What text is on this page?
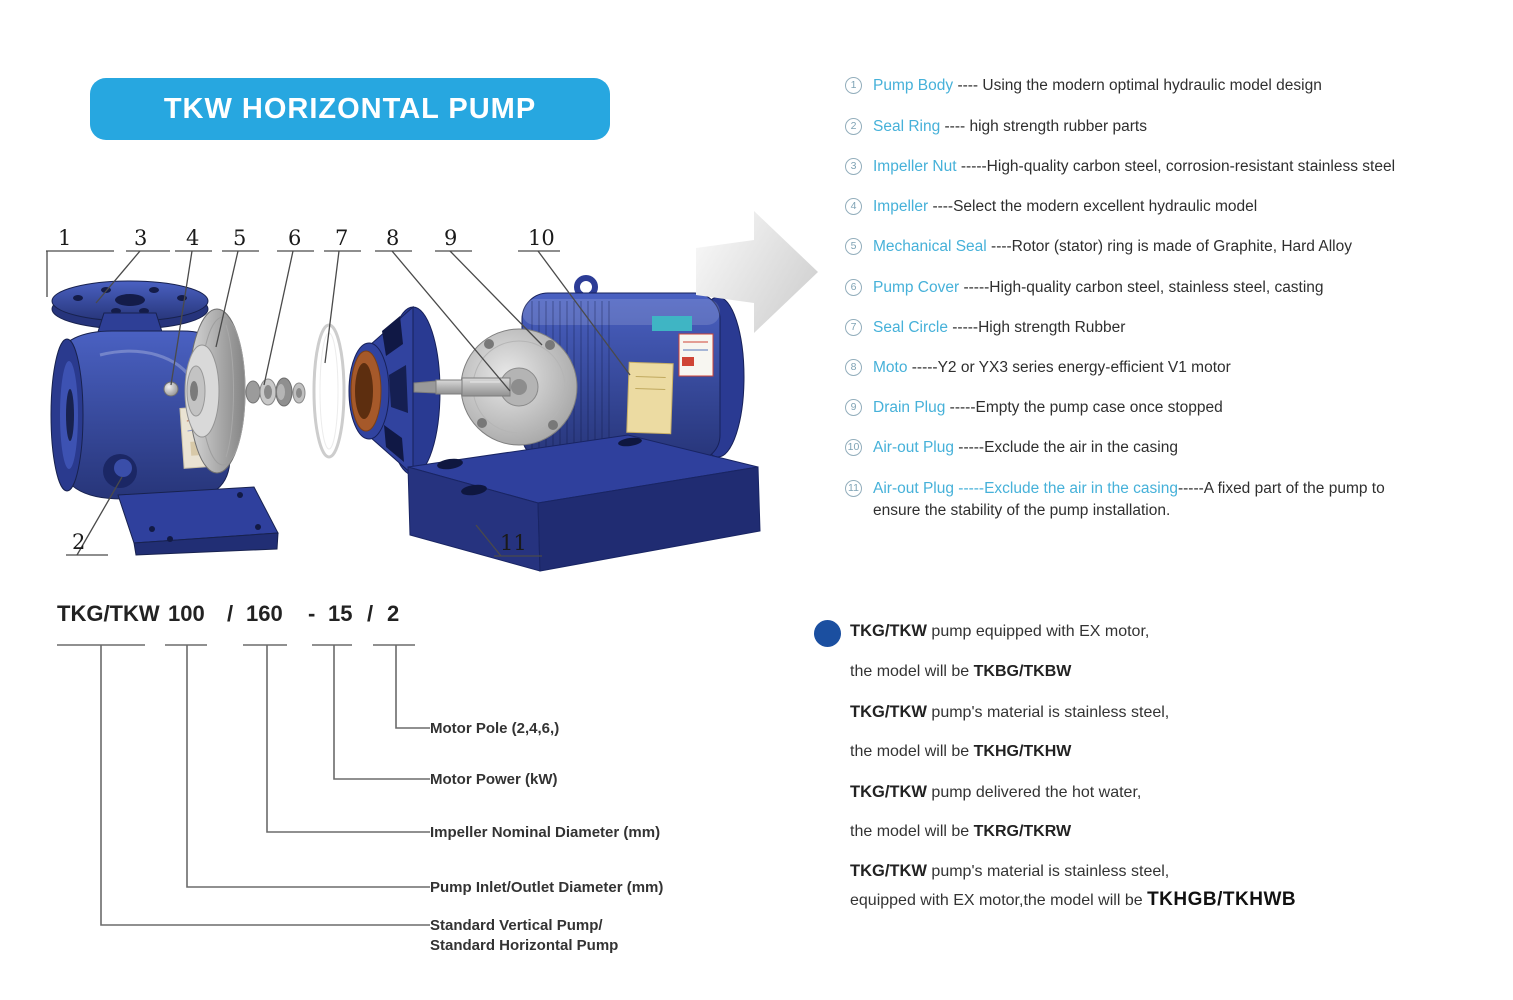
TKW HORIZONTAL PUMP
1	3 4 5 6 7 8 9	10
2	11
1	Pump Body ---- Using the modern optimal hydraulic model design
2	Seal Ring ---- high strength rubber parts
3	Impeller Nut -----High-quality carbon steel, corrosion-resistant stainless steel
4	Impeller ----Select the modern excellent hydraulic model
5	Mechanical Seal ----Rotor (stator) ring is made of Graphite, Hard Alloy
6	Pump Cover -----High-quality carbon steel, stainless steel, casting
7	Seal Circle -----High strength Rubber
8	Moto -----Y2 or YX3 series energy-efficient V1 motor
9	Drain Plug -----Empty the pump case once stopped
10 Air-out Plug -----Exclude the air in the casing
11 Air-out Plug -----Exclude the air in the casing-----A fixed part of the pump to
ensure the stability of the pump installation.
TKG/TKW 100 / 160 - 15 / 2
Motor Pole (2,4,6,)
Motor Power (kW)
Impeller Nominal Diameter (mm)
Pump Inlet/Outlet Diameter (mm)
Standard Vertical Pump/
Standard Horizontal Pump
TKG/TKW pump equipped with EX motor,
the model will be TKBG/TKBW
TKG/TKW pump's material is stainless steel,
the model will be TKHG/TKHW
TKG/TKW pump delivered the hot water,
the model will be TKRG/TKRW
TKG/TKW pump's material is stainless steel,
equipped with EX motor,the model will be TKHGB/TKHWB
